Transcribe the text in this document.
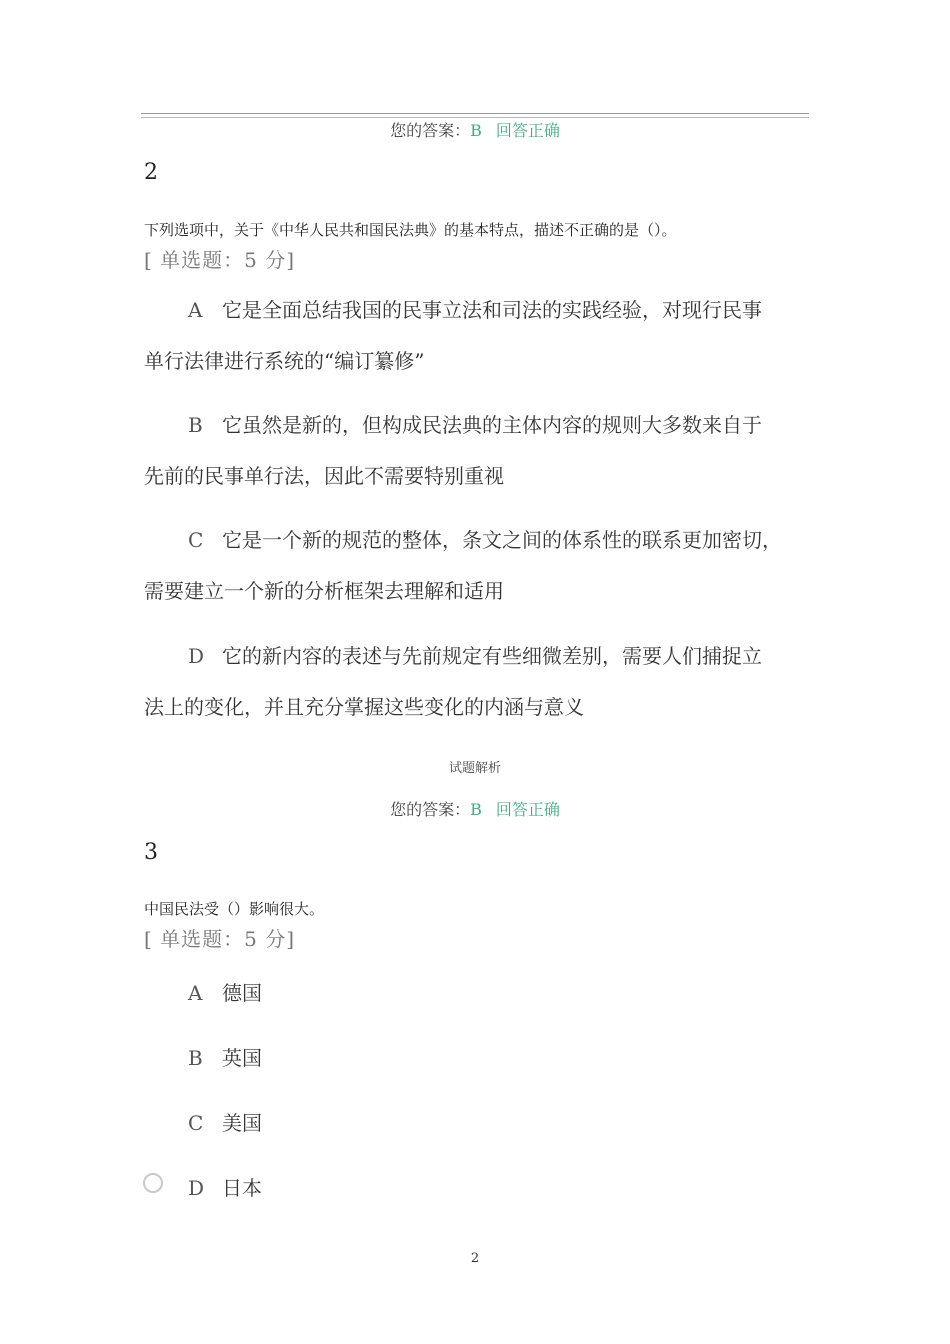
您的答案：B 回答正确
2
下列选项中，关于《中华人民共和国民法典》的基本特点，描述不正确的是（）。
[ 单选题：5 分]
A 它是全面总结我国的民事立法和司法的实践经验，对现行民事
单行法律进行系统的“编订纂修”
B 它虽然是新的，但构成民法典的主体内容的规则大多数来自于
先前的民事单行法，因此不需要特别重视
C 它是一个新的规范的整体，条文之间的体系性的联系更加密切，
需要建立一个新的分析框架去理解和适用
D 它的新内容的表述与先前规定有些细微差别，需要人们捕捉立
法上的变化，并且充分掌握这些变化的内涵与意义
试题解析
您的答案：B 回答正确
3
中国民法受（）影响很大。
[ 单选题：5 分]
A 德国
B 英国
C 美国
D 日本
2
